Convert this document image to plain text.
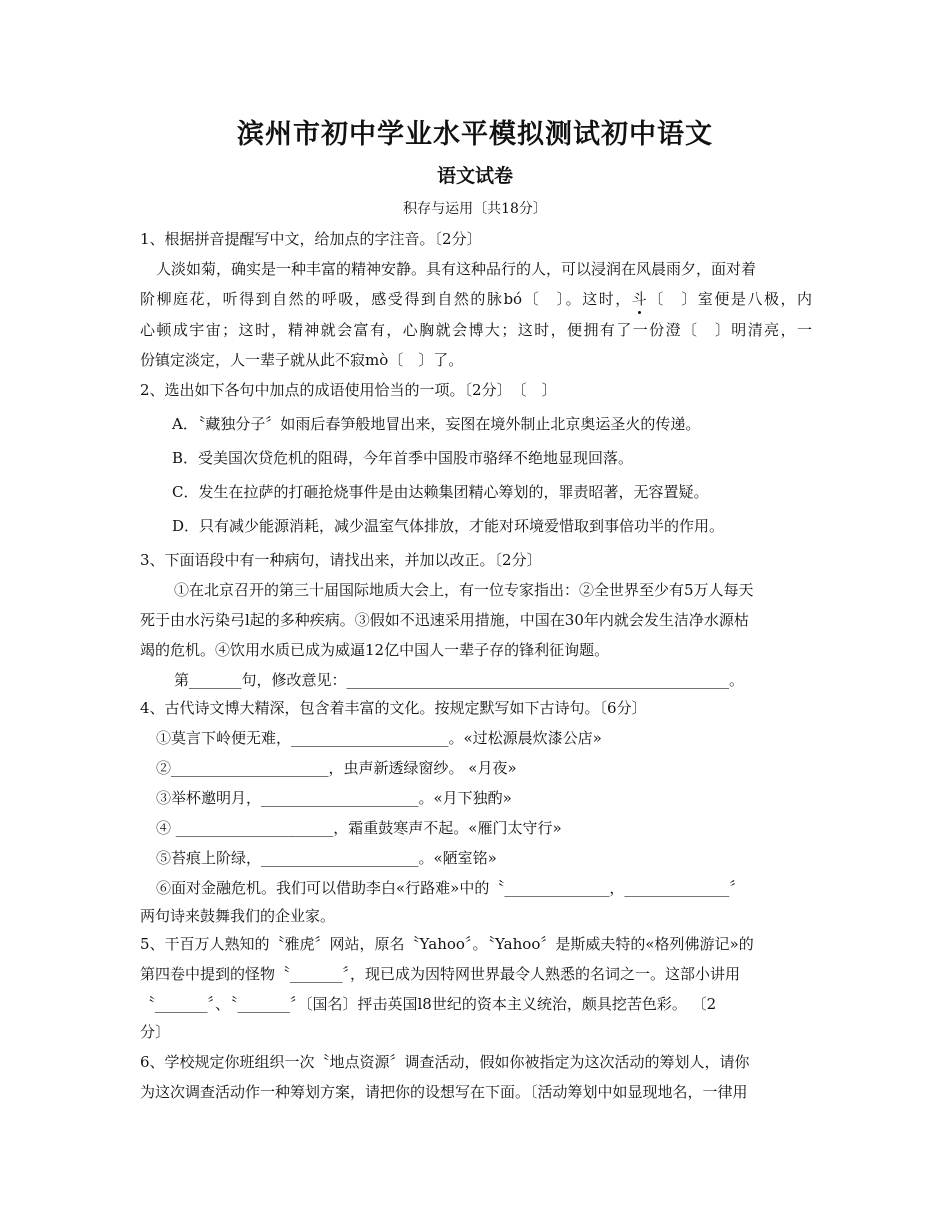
滨州市初中学业水平模拟测试初中语文
语文试卷
积存与运用〔共18分〕
1、根据拼音提醒写中文，给加点的字注音。〔2分〕
人淡如菊，确实是一种丰富的精神安静。具有这种品行的人，可以浸润在风晨雨夕，面对着
阶柳庭花，听得到自然的呼吸，感受得到自然的脉bó〔　〕。这时，斗〔　〕室便是八极，内
心顿成宇宙；这时，精神就会富有，心胸就会博大；这时，便拥有了一份澄〔　〕明清亮，一
份镇定淡定，人一辈子就从此不寂mò〔　〕了。
2、选出如下各句中加点的成语使用恰当的一项。〔2分〕　〔　〕
A．〝藏独分子〞如雨后春笋般地冒出来，妄图在境外制止北京奥运圣火的传递。
B．受美国次贷危机的阻碍，今年首季中国股市骆绎不绝地显现回落。
C．发生在拉萨的打砸抢烧事件是由达赖集团精心筹划的，罪责昭著，无容置疑。
D．只有减少能源消耗，减少温室气体排放，才能对环境爱惜取到事倍功半的作用。
3、下面语段中有一种病句，请找出来，并加以改正。〔2分〕
①在北京召开的第三十届国际地质大会上，有一位专家指出：②全世界至少有5万人每天
死于由水污染弓l起的多种疾病。③假如不迅速采用措施，中国在30年内就会发生洁净水源枯
竭的危机。④饮用水质已成为威逼12亿中国人一辈子存的锋利征询题。
第_______句，修改意见：___________________________________________________。
4、古代诗文博大精深，包含着丰富的文化。按规定默写如下古诗句。〔6分〕
①莫言下岭便无难，_____________________。«过松源晨炊漆公店»
②_____________________，虫声新透绿窗纱。 «月夜»
③举杯邀明月，_____________________。«月下独酌»
④ _____________________，霜重鼓寒声不起。«雁门太守行»
⑤苔痕上阶绿，_____________________。«陋室铭»
⑥面对金融危机。我们可以借助李白«行路难»中的〝______________，______________〞
两句诗来鼓舞我们的企业家。
5、干百万人熟知的〝雅虎〞网站，原名〝Yahoo〞。〝Yahoo〞是斯威夫特的«格列佛游记»的
第四卷中提到的怪物〝_______〞，现已成为因特网世界最令人熟悉的名词之一。这部小讲用
〝_______〞、〝_______〞〔国名〕抨击英国l8世纪的资本主义统治，颇具挖苦色彩。 〔2
分〕
6、学校规定你班组织一次〝地点资源〞调查活动，假如你被指定为这次活动的筹划人，请你
为这次调查活动作一种筹划方案，请把你的设想写在下面。〔活动筹划中如显现地名，一律用
